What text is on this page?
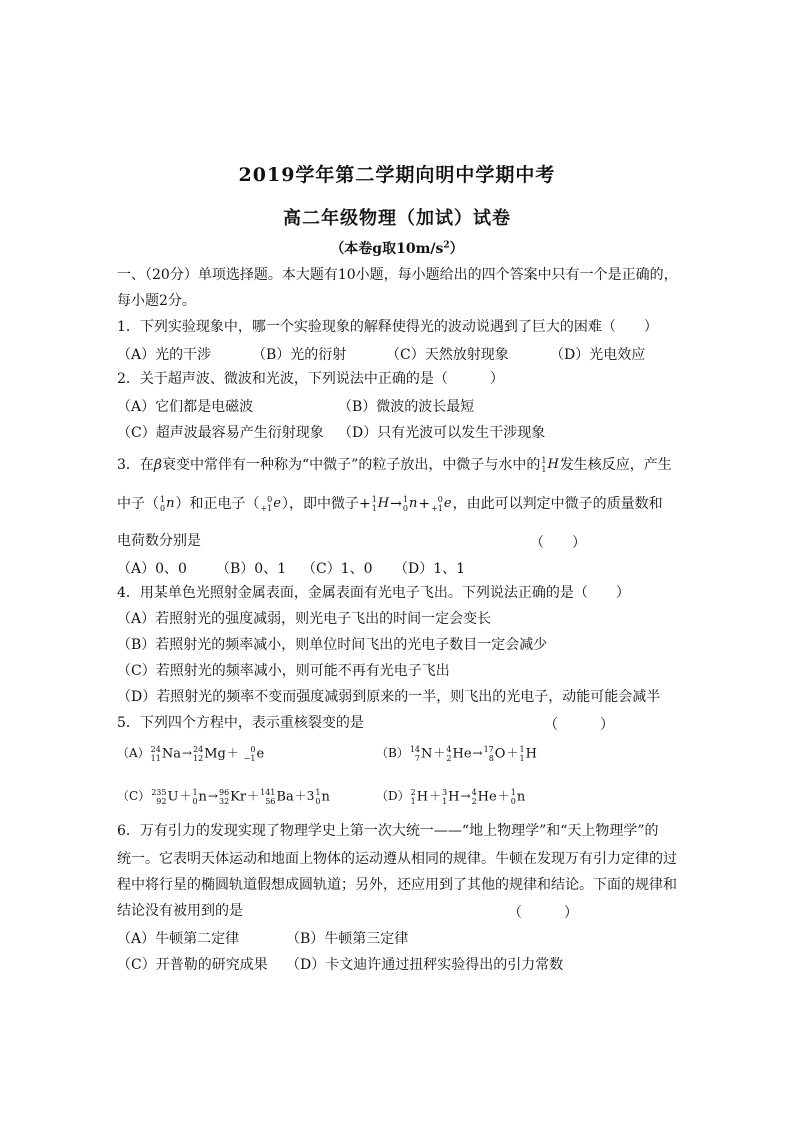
2019学年第二学期向明中学期中考
高二年级物理（加试）试卷
（本卷g取$10m/s^2$）
一、（20分）单项选择题。本大题有10小题，每小题给出的四个答案中只有一个是正确的，
每小题2分。
1．下列实验现象中，哪一个实验现象的解释使得光的波动说遇到了巨大的困难（　　）
（A）光的干涉	（B）光的衍射	（C）天然放射现象	（D）光电效应
2．关于超声波、微波和光波，下列说法中正确的是（　　　）
（A）它们都是电磁波	（B）微波的波长最短
（C）超声波最容易产生衍射现象 （D）只有光波可以发生干涉现象
3．在β衰变中常伴有一种称为“中微子”的粒子放出，中微子与水中的 1
1 H发生核反应，产生
中子（ 1
0 n）和正电子（ 0
+1 e），即中微子+ 1
1 H→ 1
0 n+ 0
+1 e，由此可以判定中微子的质量数和
电荷数分别是	（　　）
（A）0、0 （B）0、1 （C）1、0 （D）1、1
4．用某单色光照射金属表面，金属表面有光电子飞出。下列说法正确的是（　　）
（A）若照射光的强度减弱，则光电子飞出的时间一定会变长
（B）若照射光的频率减小，则单位时间飞出的光电子数目一定会减少
（C）若照射光的频率减小，则可能不再有光电子飞出
（D）若照射光的频率不变而强度减弱到原来的一半，则飞出的光电子，动能可能会减半
5．下列四个方程中，表示重核裂变的是	（　　　）
（A） 24
11 Na→ 24
12 Mg＋ 0
−1 e	（B） 14
7 N＋ 4
2 He→ 17
8 O＋ 1
1 H
（C） 235
92 U＋ 1
0 n→ 96
32 Kr＋ 141
56 Ba＋3 1
0 n	（D） 2
1 H＋ 3
1 H→ 4
2 He＋ 1
0 n
6．万有引力的发现实现了物理学史上第一次大统一——“地上物理学”和“天上物理学”的
统一。它表明天体运动和地面上物体的运动遵从相同的规律。牛顿在发现万有引力定律的过
程中将行星的椭圆轨道假想成圆轨道；另外，还应用到了其他的规律和结论。下面的规律和
结论没有被用到的是	（　　　）
（A）牛顿第二定律	（B）牛顿第三定律
（C）开普勒的研究成果 （D）卡文迪许通过扭秤实验得出的引力常数
